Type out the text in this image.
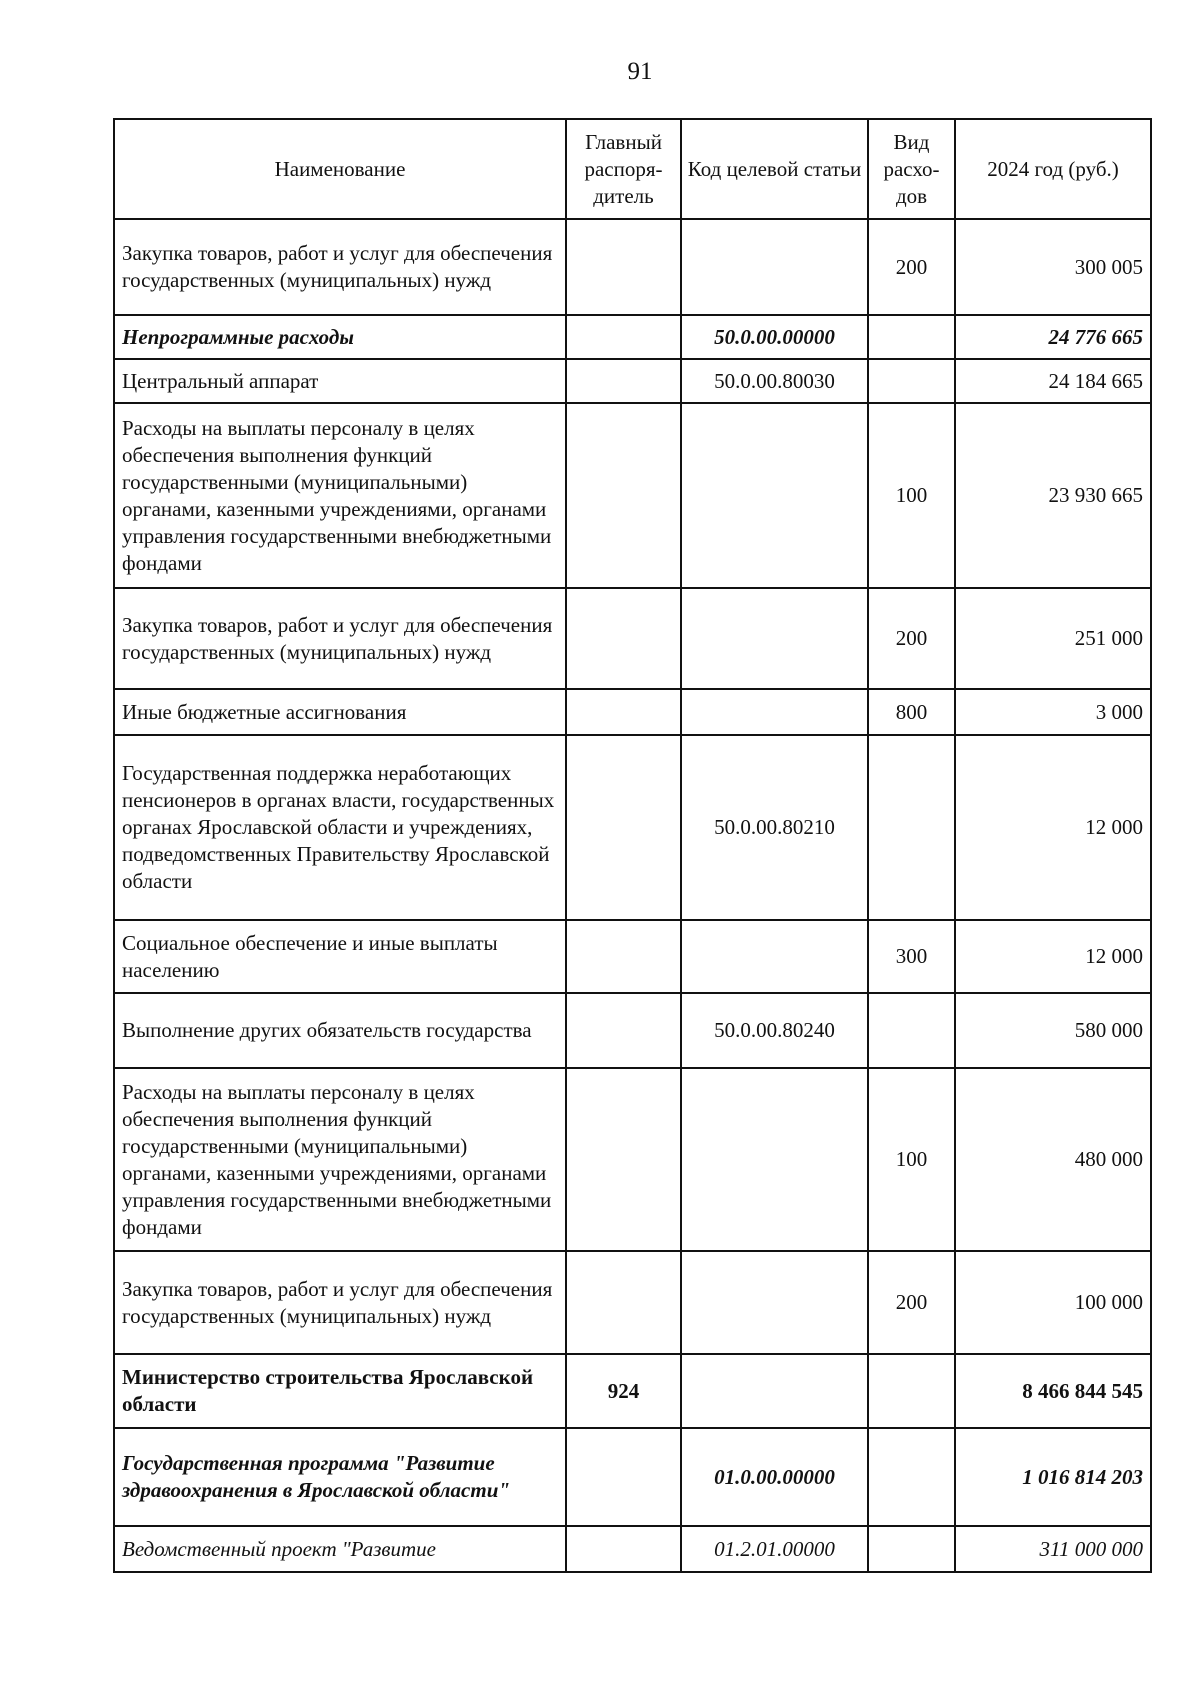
91
Наименование	Главный распоря- дитель	Код целевой статьи	Вид расхо- дов	2024 год (руб.)
Закупка товаров, работ и услуг для обеспечения государственных (муниципальных) нужд			200	300 005
Непрограммные расходы		50.0.00.00000		24 776 665
Центральный аппарат		50.0.00.80030		24 184 665
Расходы на выплаты персоналу в целях обеспечения выполнения функций государственными (муниципальными) органами, казенными учреждениями, органами управления государственными внебюджетными фондами			100	23 930 665
Закупка товаров, работ и услуг для обеспечения государственных (муниципальных) нужд			200	251 000
Иные бюджетные ассигнования			800	3 000
Государственная поддержка неработающих пенсионеров в органах власти, государственных органах Ярославской области и учреждениях, подведомственных Правительству Ярославской области		50.0.00.80210		12 000
Социальное обеспечение и иные выплаты населению			300	12 000
Выполнение других обязательств государства		50.0.00.80240		580 000
Расходы на выплаты персоналу в целях обеспечения выполнения функций государственными (муниципальными) органами, казенными учреждениями, органами управления государственными внебюджетными фондами			100	480 000
Закупка товаров, работ и услуг для обеспечения государственных (муниципальных) нужд			200	100 000
Министерство строительства Ярославской области	924			8 466 844 545
Государственная программа "Развитие здравоохранения в Ярославской области"		01.0.00.00000		1 016 814 203
Ведомственный проект "Развитие		01.2.01.00000		311 000 000
